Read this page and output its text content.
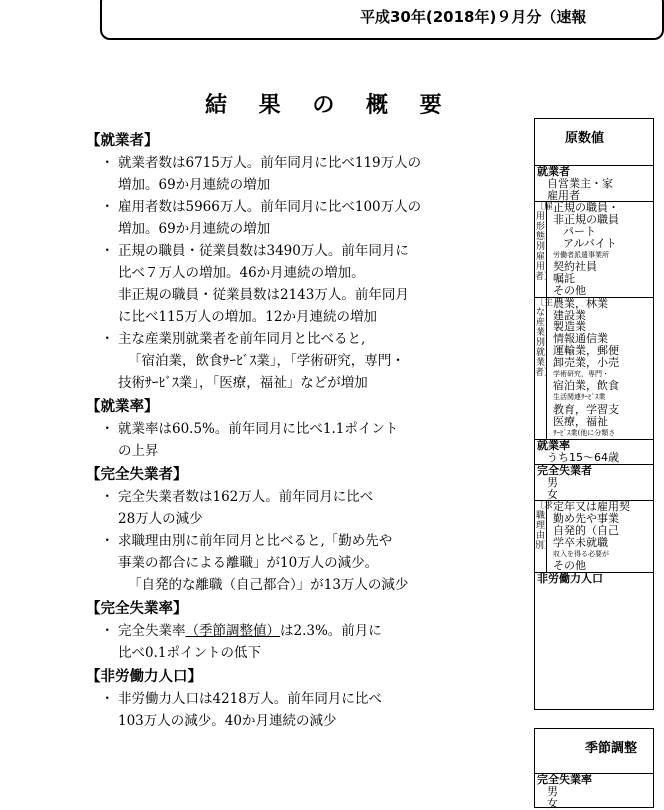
平成30年(2018年)９月分（速報
結 果 の 概 要
【就業者】
・ 就業者数は6715万人。前年同月に比べ119万人の
増加。69か月連続の増加
・ 雇用者数は5966万人。前年同月に比べ100万人の
増加。69か月連続の増加
・ 正規の職員・従業員数は3490万人。前年同月に
比べ７万人の増加。46か月連続の増加。
非正規の職員・従業員数は2143万人。前年同月
に比べ115万人の増加。12か月連続の増加
・ 主な産業別就業者を前年同月と比べると,
「宿泊業，飲食ｻｰﾋﾞｽ業」，「学術研究，専門・
技術ｻｰﾋﾞｽ業」，「医療，福祉」などが増加
【就業率】
・ 就業率は60.5%。前年同月に比べ1.1ポイント
の上昇
【完全失業者】
・ 完全失業者数は162万人。前年同月に比べ
28万人の減少
・ 求職理由別に前年同月と比べると,「勤め先や
事業の都合による離職」が10万人の減少。
「自発的な離職（自己都合）」が13万人の減少
【完全失業率】
・ 完全失業率（季節調整値）は2.3%。前月に
比べ0.1ポイントの低下
【非労働力人口】
・ 非労働力人口は4218万人。前年同月に比べ
103万人の減少。40か月連続の減少
原数値
就業者
自営業主・家
雇用者
〔雇用形態別雇用者〕
正規の職員・
非正規の職員
パート
アルバイト
労働者派遣事業所
契約社員
嘱託
その他
〔主な産業別就業者〕
農業，林業
建設業
製造業
情報通信業
運輸業，郵便
卸売業，小売
学術研究，専門・
宿泊業，飲食
生活関連ｻｰﾋﾞｽ業
教育，学習支
医療，福祉
ｻｰﾋﾞｽ業(他に分類さ
就業率
うち15～64歳
完全失業者
男
女
〔求職理由別〕
定年又は雇用契
勤め先や事業
自発的（自己
学卒未就職
収入を得る必要が
その他
非労働力人口
季節調整
完全失業率
男
女
